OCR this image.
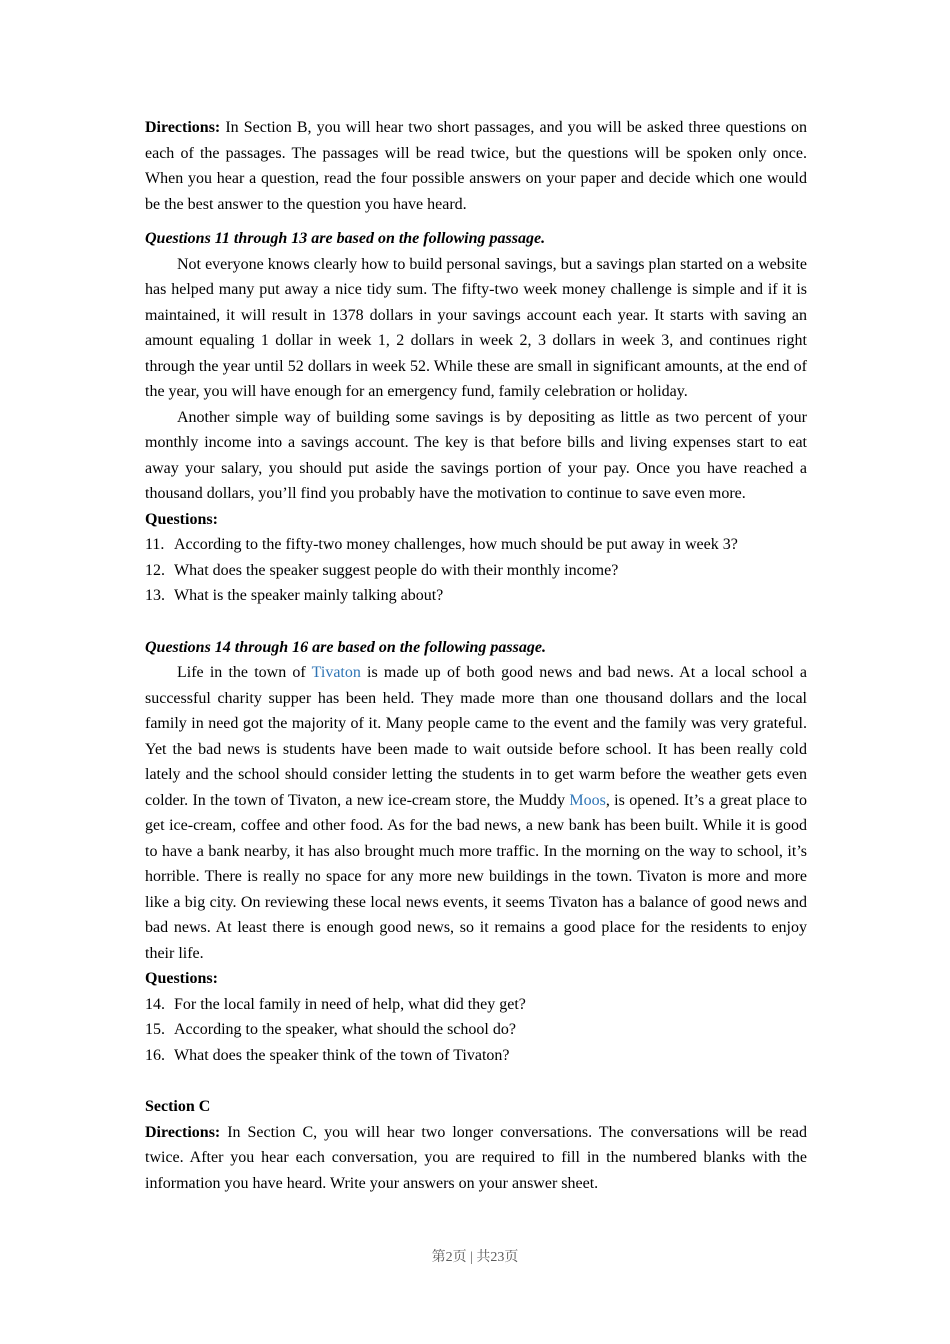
Directions: In Section B, you will hear two short passages, and you will be asked three questions on each of the passages. The passages will be read twice, but the questions will be spoken only once. When you hear a question, read the four possible answers on your paper and decide which one would be the best answer to the question you have heard.

Questions 11 through 13 are based on the following passage.

Not everyone knows clearly how to build personal savings, but a savings plan started on a website has helped many put away a nice tidy sum. The fifty-two week money challenge is simple and if it is maintained, it will result in 1378 dollars in your savings account each year. It starts with saving an amount equaling 1 dollar in week 1, 2 dollars in week 2, 3 dollars in week 3, and continues right through the year until 52 dollars in week 52. While these are small in significant amounts, at the end of the year, you will have enough for an emergency fund, family celebration or holiday.

Another simple way of building some savings is by depositing as little as two percent of your monthly income into a savings account. The key is that before bills and living expenses start to eat away your salary, you should put aside the savings portion of your pay. Once you have reached a thousand dollars, you’ll find you probably have the motivation to continue to save even more.

Questions:

11. According to the fifty-two money challenges, how much should be put away in week 3?

12. What does the speaker suggest people do with their monthly income?

13. What is the speaker mainly talking about?

Questions 14 through 16 are based on the following passage.

Life in the town of Tivaton is made up of both good news and bad news. At a local school a successful charity supper has been held. They made more than one thousand dollars and the local family in need got the majority of it. Many people came to the event and the family was very grateful. Yet the bad news is students have been made to wait outside before school. It has been really cold lately and the school should consider letting the students in to get warm before the weather gets even colder. In the town of Tivaton, a new ice-cream store, the Muddy Moos, is opened. It’s a great place to get ice-cream, coffee and other food. As for the bad news, a new bank has been built. While it is good to have a bank nearby, it has also brought much more traffic. In the morning on the way to school, it’s horrible. There is really no space for any more new buildings in the town. Tivaton is more and more like a big city. On reviewing these local news events, it seems Tivaton has a balance of good news and bad news. At least there is enough good news, so it remains a good place for the residents to enjoy their life.

Questions:

14. For the local family in need of help, what did they get?

15. According to the speaker, what should the school do?

16. What does the speaker think of the town of Tivaton?

Section C

Directions: In Section C, you will hear two longer conversations. The conversations will be read twice. After you hear each conversation, you are required to fill in the numbered blanks with the information you have heard. Write your answers on your answer sheet.

第2页 | 共23页
